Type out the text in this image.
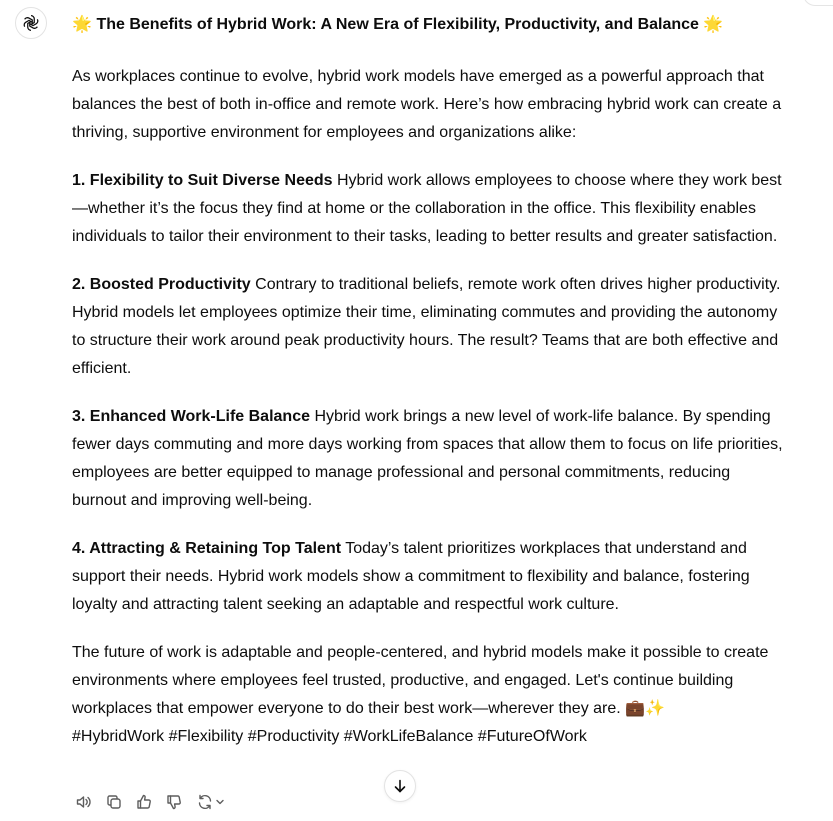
🌟 The Benefits of Hybrid Work: A New Era of Flexibility, Productivity, and Balance 🌟

As workplaces continue to evolve, hybrid work models have emerged as a powerful approach that balances the best of both in-office and remote work. Here’s how embracing hybrid work can create a thriving, supportive environment for employees and organizations alike:

1. Flexibility to Suit Diverse Needs Hybrid work allows employees to choose where they work best—whether it’s the focus they find at home or the collaboration in the office. This flexibility enables individuals to tailor their environment to their tasks, leading to better results and greater satisfaction.

2. Boosted Productivity Contrary to traditional beliefs, remote work often drives higher productivity. Hybrid models let employees optimize their time, eliminating commutes and providing the autonomy to structure their work around peak productivity hours. The result? Teams that are both effective and efficient.

3. Enhanced Work-Life Balance Hybrid work brings a new level of work-life balance. By spending fewer days commuting and more days working from spaces that allow them to focus on life priorities, employees are better equipped to manage professional and personal commitments, reducing burnout and improving well-being.

4. Attracting & Retaining Top Talent Today’s talent prioritizes workplaces that understand and support their needs. Hybrid work models show a commitment to flexibility and balance, fostering loyalty and attracting talent seeking an adaptable and respectful work culture.

The future of work is adaptable and people-centered, and hybrid models make it possible to create environments where employees feel trusted, productive, and engaged. Let's continue building workplaces that empower everyone to do their best work—wherever they are. 💼✨
#HybridWork #Flexibility #Productivity #WorkLifeBalance #FutureOfWork
